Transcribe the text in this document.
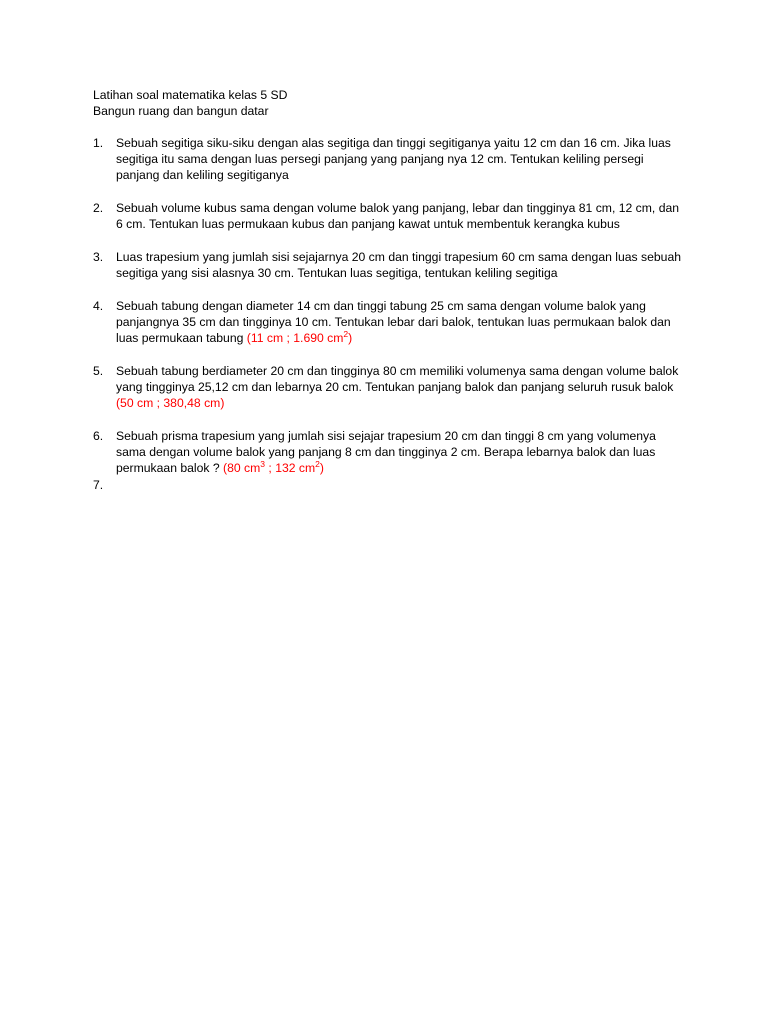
Latihan soal matematika kelas 5 SD
Bangun ruang dan bangun datar
1. Sebuah segitiga siku-siku dengan alas segitiga dan tinggi segitiganya yaitu 12 cm dan 16 cm. Jika luas segitiga itu sama dengan luas persegi panjang yang panjang nya 12 cm. Tentukan keliling persegi panjang dan keliling segitiganya
2. Sebuah volume kubus sama dengan volume balok yang panjang, lebar dan tingginya 81 cm, 12 cm, dan 6 cm. Tentukan luas permukaan kubus dan panjang kawat untuk membentuk kerangka kubus
3. Luas trapesium yang jumlah sisi sejajarnya 20 cm dan tinggi trapesium 60 cm sama dengan luas sebuah segitiga yang sisi alasnya 30 cm. Tentukan luas segitiga, tentukan keliling segitiga
4. Sebuah tabung dengan diameter 14 cm dan tinggi tabung 25 cm sama dengan volume balok yang panjangnya 35 cm dan tingginya 10 cm. Tentukan lebar dari balok, tentukan luas permukaan balok dan luas permukaan tabung (11 cm ; 1.690 $cm^2$)
5. Sebuah tabung berdiameter 20 cm dan tingginya 80 cm memiliki volumenya sama dengan volume balok yang tingginya 25,12 cm dan lebarnya 20 cm. Tentukan panjang balok dan panjang seluruh rusuk balok (50 cm ; 380,48 cm)
6. Sebuah prisma trapesium yang jumlah sisi sejajar trapesium 20 cm dan tinggi 8 cm yang volumenya sama dengan volume balok yang panjang 8 cm dan tingginya 2 cm. Berapa lebarnya balok dan luas permukaan balok ? (80 $cm^3$ ; 132 $cm^2$)
7.
